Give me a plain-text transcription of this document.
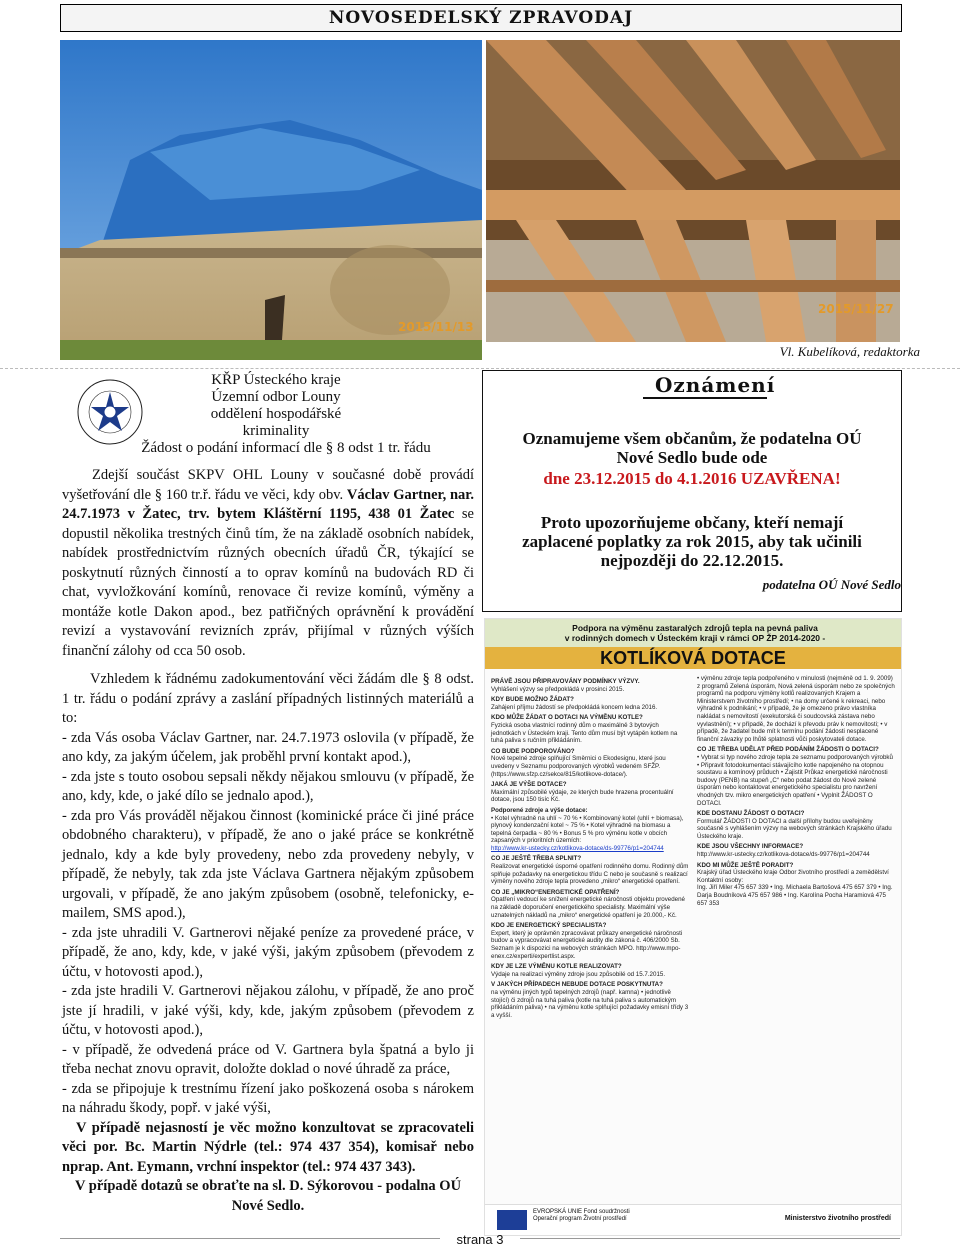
NOVOSEDELSKÝ ZPRAVODAJ
2015/11/13
2015/11/27
Vl. Kubelíková, redaktorka
KŘP Ústeckého kraje
Územní odbor Louny
oddělení hospodářské kriminality
Žádost o podání informací dle § 8 odst 1 tr. řádu
Zdejší součást SKPV OHL Louny v současné době provádí vyšetřování dle § 160 tr.ř. řádu ve věci, kdy obv. Václav Gartner, nar. 24.7.1973 v Žatec, trv. bytem Kláštěrní 1195, 438 01 Žatec se dopustil několika trestných činů tím, že na základě osobních nabídek, nabídek prostřednictvím různých obecních úřadů ČR, týkající se poskytnutí různých činností a to oprav komínů na budovách RD či chat, vyvložkování komínů, renovace či revize komínů, výměny a montáže kotle Dakon apod., bez patřičných oprávnění k provádění revizí a vystavování revizních zpráv, přijímal v různých výších finanční zálohy od cca 50 osob.
Vzhledem k řádnému zadokumentování věci žádám dle § 8 odst. 1 tr. řádu o podání zprávy a zaslání případných listinných materiálů a to:
- zda Vás osoba Václav Gartner, nar. 24.7.1973 oslovila (v případě, že ano kdy, za jakým účelem, jak proběhl první kontakt apod.),
- zda jste s touto osobou sepsali někdy nějakou smlouvu (v případě, že ano, kdy, kde, o jaké dílo se jednalo apod.),
- zda pro Vás prováděl nějakou činnost (kominické práce či jiné práce obdobného charakteru), v případě, že ano o jaké práce se konkrétně jednalo, kdy a kde byly provedeny, nebo zda provedeny nebyly, v případě, že nebyly, tak zda jste Václava Gartnera nějakým způsobem urgovali, v případě, že ano jakým způsobem (osobně, telefonicky, e-mailem, SMS apod.),
- zda jste uhradili V. Gartnerovi nějaké peníze za provedené práce, v případě, že ano, kdy, kde, v jaké výši, jakým způsobem (převodem z účtu, v hotovosti apod.),
- zda jste hradili V. Gartnerovi nějakou zálohu, v případě, že ano proč jste jí hradili, v jaké výši, kdy, kde, jakým způsobem (převodem z účtu, v hotovosti apod.),
- v případě, že odvedená práce od V. Gartnera byla špatná a bylo ji třeba nechat znovu opravit, doložte doklad o nové úhradě za práce,
- zda se připojuje k trestnímu řízení jako poškozená osoba s nárokem na náhradu škody, popř. v jaké výši,
V případě nejasností je věc možno konzultovat se zpracovateli věci por. Bc. Martin Nýdrle (tel.: 974 437 354), komisař nebo nprap. Ant. Eymann, vrchní inspektor (tel.: 974 437 343).
V případě dotazů se obraťte na sl. D. Sýkorovou - podalna OÚ Nové Sedlo.
Oznámení
Oznamujeme všem občanům, že podatelna OÚ
Nové Sedlo bude ode
dne 23.12.2015 do 4.1.2016 UZAVŘENA!
Proto upozorňujeme občany, kteří nemají
zaplacené poplatky za rok 2015, aby tak učinili
nejpozději do 22.12.2015.
podatelna OÚ Nové Sedlo
Podpora na výměnu zastaralých zdrojů tepla na pevná paliva
v rodinných domech v Ústeckém kraji v rámci OP ŽP 2014-2020 -
KOTLÍKOVÁ DOTACE
PRÁVĚ JSOU PŘIPRAVOVÁNY PODMÍNKY VÝZVY.
Vyhlášení výzvy se předpokládá v prosinci 2015.
KDY BUDE MOŽNO ŽÁDAT?
Zahájení příjmu žádostí se předpokládá koncem ledna 2016.
KDO MŮŽE ŽÁDAT O DOTACI NA VÝMĚNU KOTLE?
Fyzická osoba vlastnící rodinný dům o maximálně 3 bytových jednotkách v Ústeckém kraji. Tento dům musí být vytápěn kotlem na tuhá paliva s ručním přikládáním.
CO BUDE PODPOROVÁNO?
Nové tepelné zdroje splňující Směrnici o Ekodesignu, které jsou uvedeny v Seznamu podporovaných výrobků vedeném SFŽP. (https://www.sfzp.cz/sekce/815/kotlikove-dotace/).
JAKÁ JE VÝŠE DOTACE?
Maximální způsobilé výdaje, ze kterých bude hrazena procentuální dotace, jsou 150 tisíc Kč.
Podporené zdroje a výše dotace:
• Kotel výhradně na uhlí ~ 70 % • Kombinovaný kotel (uhlí + biomasa), plynový kondenzační kotel ~ 75 % • Kotel výhradně na biomasu a tepelná čerpadla ~ 80 % • Bonus 5 % pro výměnu kotle v obcích zapsaných v prioritních územích:
http://www.kr-ustecky.cz/kotlikova-dotace/ds-99776/p1=204744
CO JE JEŠTĚ TŘEBA SPLNIT?
Realizovat energetické úsporné opatření rodinného domu. Rodinný dům splňuje požadavky na energetickou třídu C nebo je současně s realizací výměny nového zdroje tepla provedeno „mikro“ energetické opatření.
CO JE „MIKRO“ENERGETICKÉ OPATŘENÍ?
Opatření vedoucí ke snížení energetické náročnosti objektu provedené na základě doporučení energetického specialisty. Maximální výše uznatelných nákladů na „mikro“ energetické opatření je 20.000,- Kč.
KDO JE ENERGETICKÝ SPECIALISTA?
Expert, který je oprávněn zpracovávat průkazy energetické náročnosti budov a vypracovávat energetické audity dle zákona č. 406/2000 Sb. Seznam je k dispozici na webových stránkách MPO. http://www.mpo-enex.cz/experti/expertlist.aspx.
KDY JE LZE VÝMĚNU KOTLE REALIZOVAT?
Výdaje na realizaci výměny zdroje jsou způsobilé od 15.7.2015.
V JAKÝCH PŘÍPADECH NEBUDE DOTACE POSKYTNUTA?
na výměnu jiných typů tepelných zdrojů (např. kamna) • jednotlivě stojící) či zdrojů na tuhá paliva (kotle na tuhá paliva s automatickým přikládáním paliva) • na výměnu kotle splňující požadavky emisní třídy 3 a vyšší.
• výměnu zdroje tepla podpořeného v minulosti (nejméně od 1. 9. 2009) z programů Zelená úsporám, Nová zelená úsporám nebo ze společných programů na podporu výměny kotlů realizovaných Krajem a Ministerstvem životního prostředí; • na domy určené k rekreaci, nebo výhradně k podnikání; • v případě, že je omezeno právo vlastníka nakládat s nemovitostí (exekutorská či soudcovská zástava nebo vyvlastnění); • v případě, že dochází k převodu práv k nemovitosti; • v případě, že žadatel bude mít k termínu podání žádosti nesplacené finanční závazky po lhůtě splatnosti vůči poskytovateli dotace.
CO JE TŘEBA UDĚLAT PŘED PODÁNÍM ŽÁDOSTI O DOTACI?
• Vybrat si typ nového zdroje tepla ze seznamu podporovaných výrobků • Připravit fotodokumentaci stávajícího kotle napojeného na otopnou soustavu a komínový průduch • Zajistit Průkaz energetické náročnosti budovy (PENB) na stupeň „C“ nebo podat žádost do Nové zelené úsporám nebo kontaktovat energetického specialistu pro navržení vhodných tzv. mikro energetických opatření • Vyplnit ŽÁDOST O DOTACI.
KDE DOSTANU ŽÁDOST O DOTACI?
Formulář ŽÁDOSTI O DOTACI a další přílohy budou uveřejněny současně s vyhlášením výzvy na webových stránkách Krajského úřadu Ústeckého kraje.
KDE JSOU VŠECHNY INFORMACE?
http://www.kr-ustecky.cz/kotlikova-dotace/ds-99776/p1=204744
KDO MI MŮŽE JEŠTĚ PORADIT?
Krajský úřad Ústeckého kraje Odbor životního prostředí a zemědělství Kontaktní osoby:
Ing. Jiří Miler 475 657 339 • Ing. Michaela Bartošová 475 657 379 • Ing. Darja Boudníková 475 657 986 • Ing. Karolína Pocha Haramiová 475 657 353
EVROPSKÁ UNIE Fond soudržnosti Operační program Životní prostředí	Ministerstvo životního prostředí
strana 3
